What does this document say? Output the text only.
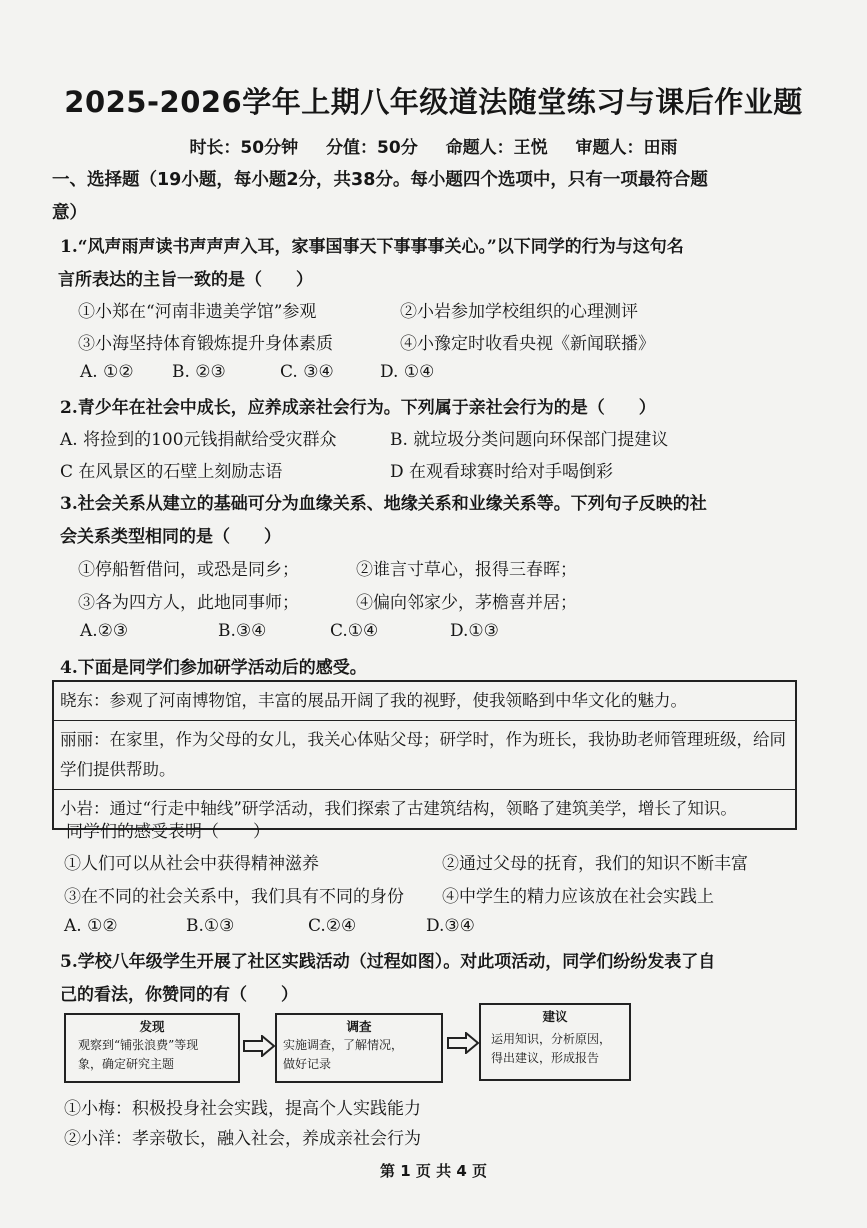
2025-2026学年上期八年级道法随堂练习与课后作业题
时长：50分钟 分值：50分 命题人：王悦 审题人：田雨
一、选择题（19小题，每小题2分，共38分。每小题四个选项中，只有一项最符合题
意）
1.“风声雨声读书声声声入耳，家事国事天下事事事关心。”以下同学的行为与这句名
言所表达的主旨一致的是（　　）
①小郑在“河南非遗美学馆”参观	②小岩参加学校组织的心理测评
③小海坚持体育锻炼提升身体素质	④小豫定时收看央视《新闻联播》
A. ①② B. ②③	C. ③④	D. ①④
2.青少年在社会中成长，应养成亲社会行为。下列属于亲社会行为的是（　　）
A. 将捡到的100元钱捐献给受灾群众	B. 就垃圾分类问题向环保部门提建议
C 在风景区的石壁上刻励志语	D 在观看球赛时给对手喝倒彩
3.社会关系从建立的基础可分为血缘关系、地缘关系和业缘关系等。下列句子反映的社
会关系类型相同的是（　　）
①停船暂借问，或恐是同乡；	②谁言寸草心，报得三春晖；
③各为四方人，此地同事师；	④偏向邻家少，茅檐喜并居；
A.②③	B.③④	C.①④	D.①③
4.下面是同学们参加研学活动后的感受。
晓东：参观了河南博物馆，丰富的展品开阔了我的视野，使我领略到中华文化的魅力。
丽丽：在家里，作为父母的女儿，我关心体贴父母；研学时，作为班长，我协助老师管理班级，给同学们提供帮助。
小岩：通过“行走中轴线”研学活动，我们探索了古建筑结构，领略了建筑美学，增长了知识。
同学们的感受表明（　　）
①人们可以从社会中获得精神滋养	②通过父母的抚育，我们的知识不断丰富
③在不同的社会关系中，我们具有不同的身份 ④中学生的精力应该放在社会实践上
A. ①②	B.①③	C.②④	D.③④
5.学校八年级学生开展了社区实践活动（过程如图）。对此项活动，同学们纷纷发表了自
己的看法，你赞同的有（　　）
发现
观察到“铺张浪费”等现
象，确定研究主题
调查
实施调查，了解情况，
做好记录
建议
运用知识，分析原因，
得出建议，形成报告
①小梅：积极投身社会实践，提高个人实践能力
②小洋：孝亲敬长，融入社会，养成亲社会行为
第 1 页 共 4 页
